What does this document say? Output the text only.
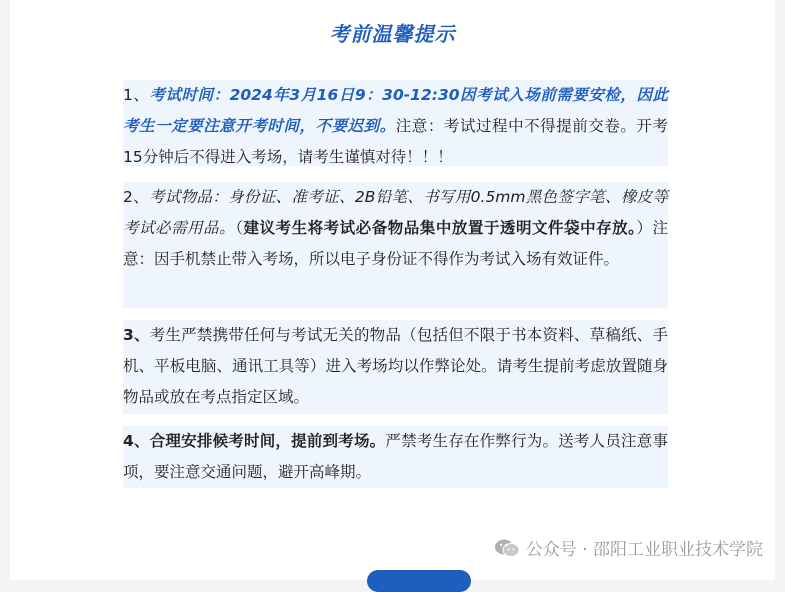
考前温馨提示
1、考试时间：2024年3月16日9：30-12:30因考试入场前需要安检，因此考生一定要注意开考时间，不要迟到。注意：考试过程中不得提前交卷。开考15分钟后不得进入考场，请考生谨慎对待！！！
2、考试物品：身份证、准考证、2B铅笔、书写用0.5mm黑色签字笔、橡皮等考试必需用品。（建议考生将考试必备物品集中放置于透明文件袋中存放。）注意：因手机禁止带入考场，所以电子身份证不得作为考试入场有效证件。
3、考生严禁携带任何与考试无关的物品（包括但不限于书本资料、草稿纸、手机、平板电脑、通讯工具等）进入考场均以作弊论处。请考生提前考虑放置随身物品或放在考点指定区域。
4、合理安排候考时间，提前到考场。严禁考生存在作弊行为。送考人员注意事项，要注意交通问题，避开高峰期。
公众号 · 邵阳工业职业技术学院
